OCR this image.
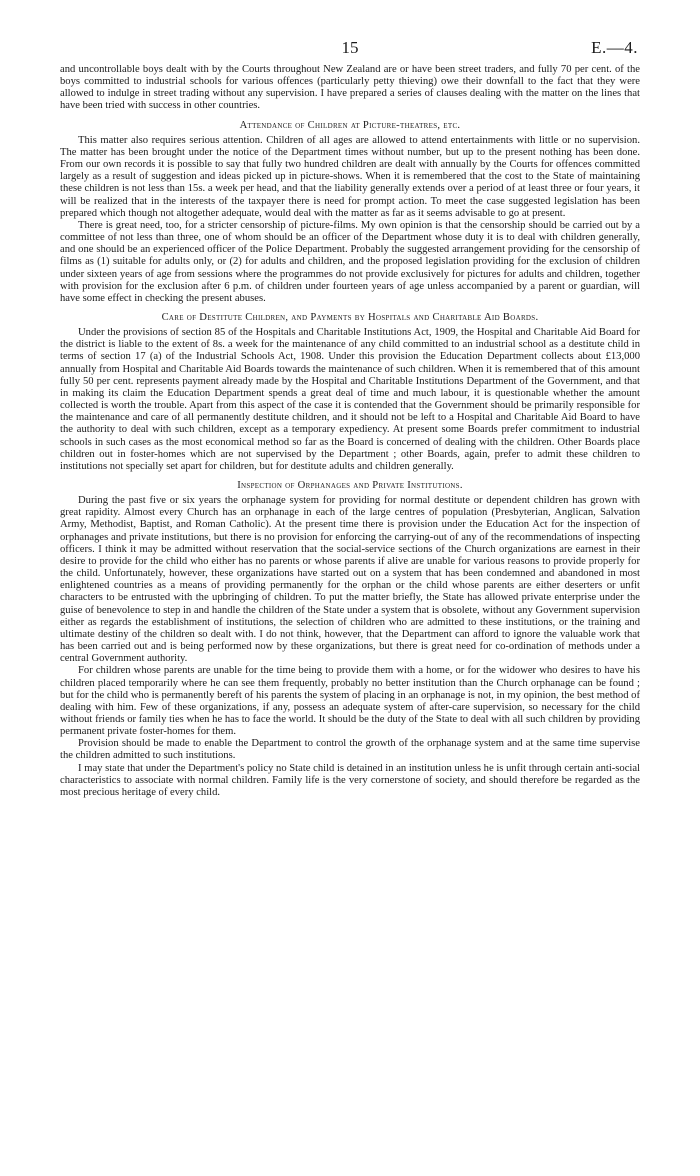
15	E.—4.

and uncontrollable boys dealt with by the Courts throughout New Zealand are or have been street traders, and fully 70 per cent. of the boys committed to industrial schools for various offences (particularly petty thieving) owe their downfall to the fact that they were allowed to indulge in street trading without any supervision. I have prepared a series of clauses dealing with the matter on the lines that have been tried with success in other countries.

Attendance of Children at Picture-theatres, etc.

This matter also requires serious attention. Children of all ages are allowed to attend entertainments with little or no supervision. The matter has been brought under the notice of the Department times without number, but up to the present nothing has been done. From our own records it is possible to say that fully two hundred children are dealt with annually by the Courts for offences committed largely as a result of suggestion and ideas picked up in picture-shows. When it is remembered that the cost to the State of maintaining these children is not less than 15s. a week per head, and that the liability generally extends over a period of at least three or four years, it will be realized that in the interests of the taxpayer there is need for prompt action. To meet the case suggested legislation has been prepared which though not altogether adequate, would deal with the matter as far as it seems advisable to go at present.

There is great need, too, for a stricter censorship of picture-films. My own opinion is that the censorship should be carried out by a committee of not less than three, one of whom should be an officer of the Department whose duty it is to deal with children generally, and one should be an experienced officer of the Police Department. Probably the suggested arrangement providing for the censorship of films as (1) suitable for adults only, or (2) for adults and children, and the proposed legislation providing for the exclusion of children under sixteen years of age from sessions where the programmes do not provide exclusively for pictures for adults and children, together with provision for the exclusion after 6 p.m. of children under fourteen years of age unless accompanied by a parent or guardian, will have some effect in checking the present abuses.

Care of Destitute Children, and Payments by Hospitals and Charitable Aid Boards.

Under the provisions of section 85 of the Hospitals and Charitable Institutions Act, 1909, the Hospital and Charitable Aid Board for the district is liable to the extent of 8s. a week for the maintenance of any child committed to an industrial school as a destitute child in terms of section 17 (a) of the Industrial Schools Act, 1908. Under this provision the Education Department collects about £13,000 annually from Hospital and Charitable Aid Boards towards the maintenance of such children. When it is remembered that of this amount fully 50 per cent. represents payment already made by the Hospital and Charitable Institutions Department of the Government, and that in making its claim the Education Department spends a great deal of time and much labour, it is questionable whether the amount collected is worth the trouble. Apart from this aspect of the case it is contended that the Government should be primarily responsible for the maintenance and care of all permanently destitute children, and it should not be left to a Hospital and Charitable Aid Board to have the authority to deal with such children, except as a temporary expediency. At present some Boards prefer commitment to industrial schools in such cases as the most economical method so far as the Board is concerned of dealing with the children. Other Boards place children out in foster-homes which are not supervised by the Department ; other Boards, again, prefer to admit these children to institutions not specially set apart for children, but for destitute adults and children generally.

Inspection of Orphanages and Private Institutions.

During the past five or six years the orphanage system for providing for normal destitute or dependent children has grown with great rapidity. Almost every Church has an orphanage in each of the large centres of population (Presbyterian, Anglican, Salvation Army, Methodist, Baptist, and Roman Catholic). At the present time there is provision under the Education Act for the inspection of orphanages and private institutions, but there is no provision for enforcing the carrying-out of any of the recommendations of inspecting officers. I think it may be admitted without reservation that the social-service sections of the Church organizations are earnest in their desire to provide for the child who either has no parents or whose parents if alive are unable for various reasons to provide properly for the child. Unfortunately, however, these organizations have started out on a system that has been condemned and abandoned in most enlightened countries as a means of providing permanently for the orphan or the child whose parents are either deserters or unfit characters to be entrusted with the upbringing of children. To put the matter briefly, the State has allowed private enterprise under the guise of benevolence to step in and handle the children of the State under a system that is obsolete, without any Government supervision either as regards the establishment of institutions, the selection of children who are admitted to these institutions, or the training and ultimate destiny of the children so dealt with. I do not think, however, that the Department can afford to ignore the valuable work that has been carried out and is being performed now by these organizations, but there is great need for co-ordination of methods under a central Government authority.

For children whose parents are unable for the time being to provide them with a home, or for the widower who desires to have his children placed temporarily where he can see them frequently, probably no better institution than the Church orphanage can be found ; but for the child who is permanently bereft of his parents the system of placing in an orphanage is not, in my opinion, the best method of dealing with him. Few of these organizations, if any, possess an adequate system of after-care supervision, so necessary for the child without friends or family ties when he has to face the world. It should be the duty of the State to deal with all such children by providing permanent private foster-homes for them.

Provision should be made to enable the Department to control the growth of the orphanage system and at the same time supervise the children admitted to such institutions.

I may state that under the Department's policy no State child is detained in an institution unless he is unfit through certain anti-social characteristics to associate with normal children. Family life is the very cornerstone of society, and should therefore be regarded as the most precious heritage of every child.
